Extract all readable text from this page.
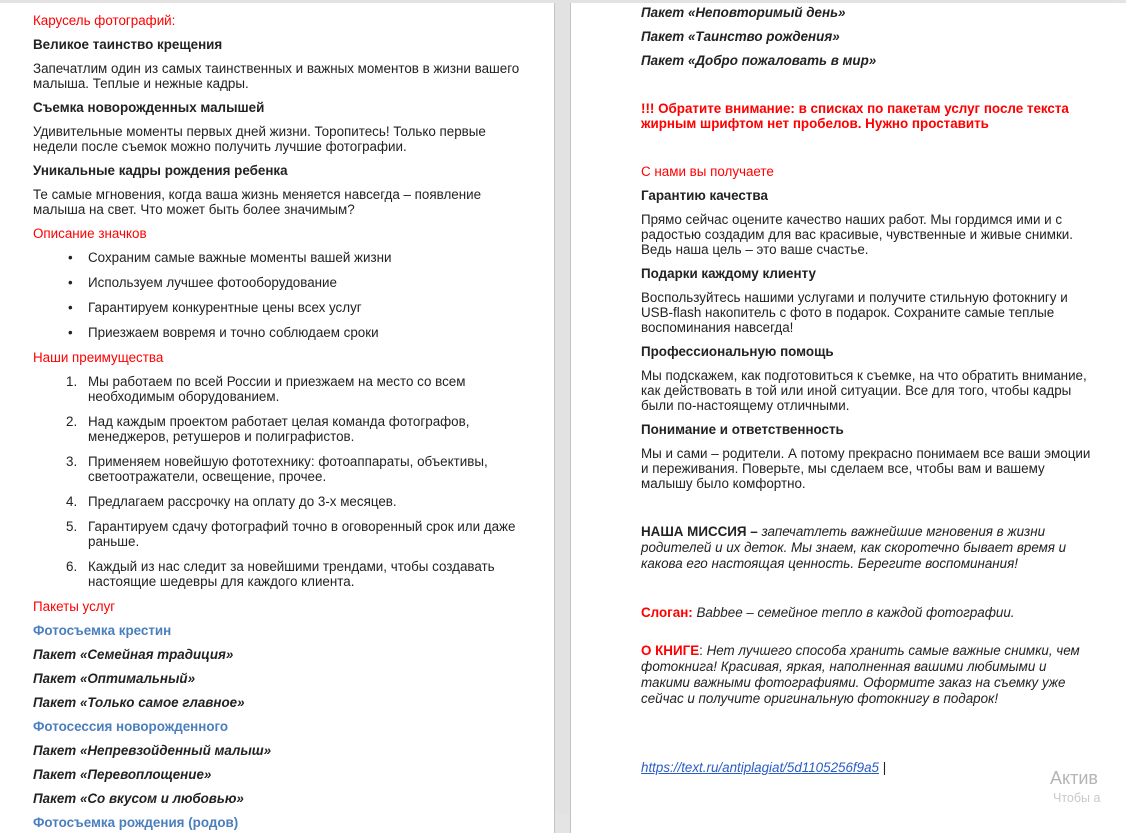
Карусель фотографий:

Великое таинство крещения

Запечатлим один из самых таинственных и важных моментов в жизни вашего малыша. Теплые и нежные кадры.

Съемка новорожденных малышей

Удивительные моменты первых дней жизни. Торопитесь! Только первые недели после съемок можно получить лучшие фотографии.

Уникальные кадры рождения ребенка

Те самые мгновения, когда ваша жизнь меняется навсегда – появление малыша на свет. Что может быть более значимым?

Описание значков

• Сохраним самые важные моменты вашей жизни
• Используем лучшее фотооборудование
• Гарантируем конкурентные цены всех услуг
• Приезжаем вовремя и точно соблюдаем сроки

Наши преимущества

1. Мы работаем по всей России и приезжаем на место со всем необходимым оборудованием.
2. Над каждым проектом работает целая команда фотографов, менеджеров, ретушеров и полиграфистов.
3. Применяем новейшую фототехнику: фотоаппараты, объективы, светоотражатели, освещение, прочее.
4. Предлагаем рассрочку на оплату до 3-х месяцев.
5. Гарантируем сдачу фотографий точно в оговоренный срок или даже раньше.
6. Каждый из нас следит за новейшими трендами, чтобы создавать настоящие шедевры для каждого клиента.

Пакеты услуг

Фотосъемка крестин

Пакет «Семейная традиция»

Пакет «Оптимальный»

Пакет «Только самое главное»

Фотосессия новорожденного

Пакет «Непревзойденный малыш»

Пакет «Перевоплощение»

Пакет «Со вкусом и любовью»

Фотосъемка рождения (родов)

Пакет «Неповторимый день»

Пакет «Таинство рождения»

Пакет «Добро пожаловать в мир»

!!! Обратите внимание: в списках по пакетам услуг после текста жирным шрифтом нет пробелов. Нужно проставить

С нами вы получаете

Гарантию качества

Прямо сейчас оцените качество наших работ. Мы гордимся ими и с радостью создадим для вас красивые, чувственные и живые снимки. Ведь наша цель – это ваше счастье.

Подарки каждому клиенту

Воспользуйтесь нашими услугами и получите стильную фотокнигу и USB-flash накопитель с фото в подарок. Сохраните самые теплые воспоминания навсегда!

Профессиональную помощь

Мы подскажем, как подготовиться к съемке, на что обратить внимание, как действовать в той или иной ситуации. Все для того, чтобы кадры были по-настоящему отличными.

Понимание и ответственность

Мы и сами – родители. А потому прекрасно понимаем все ваши эмоции и переживания. Поверьте, мы сделаем все, чтобы вам и вашему малышу было комфортно.

НАША МИССИЯ – запечатлеть важнейшие мгновения в жизни родителей и их деток. Мы знаем, как скоротечно бывает время и какова его настоящая ценность. Берегите воспоминания!

Слоган: Babbee – семейное тепло в каждой фотографии.

О КНИГЕ: Нет лучшего способа хранить самые важные снимки, чем фотокнига! Красивая, яркая, наполненная вашими любимыми и такими важными фотографиями. Оформите заказ на съемку уже сейчас и получите оригинальную фотокнигу в подарок!

https://text.ru/antiplagiat/5d1105256f9a5 |

Актив
Чтобы а
